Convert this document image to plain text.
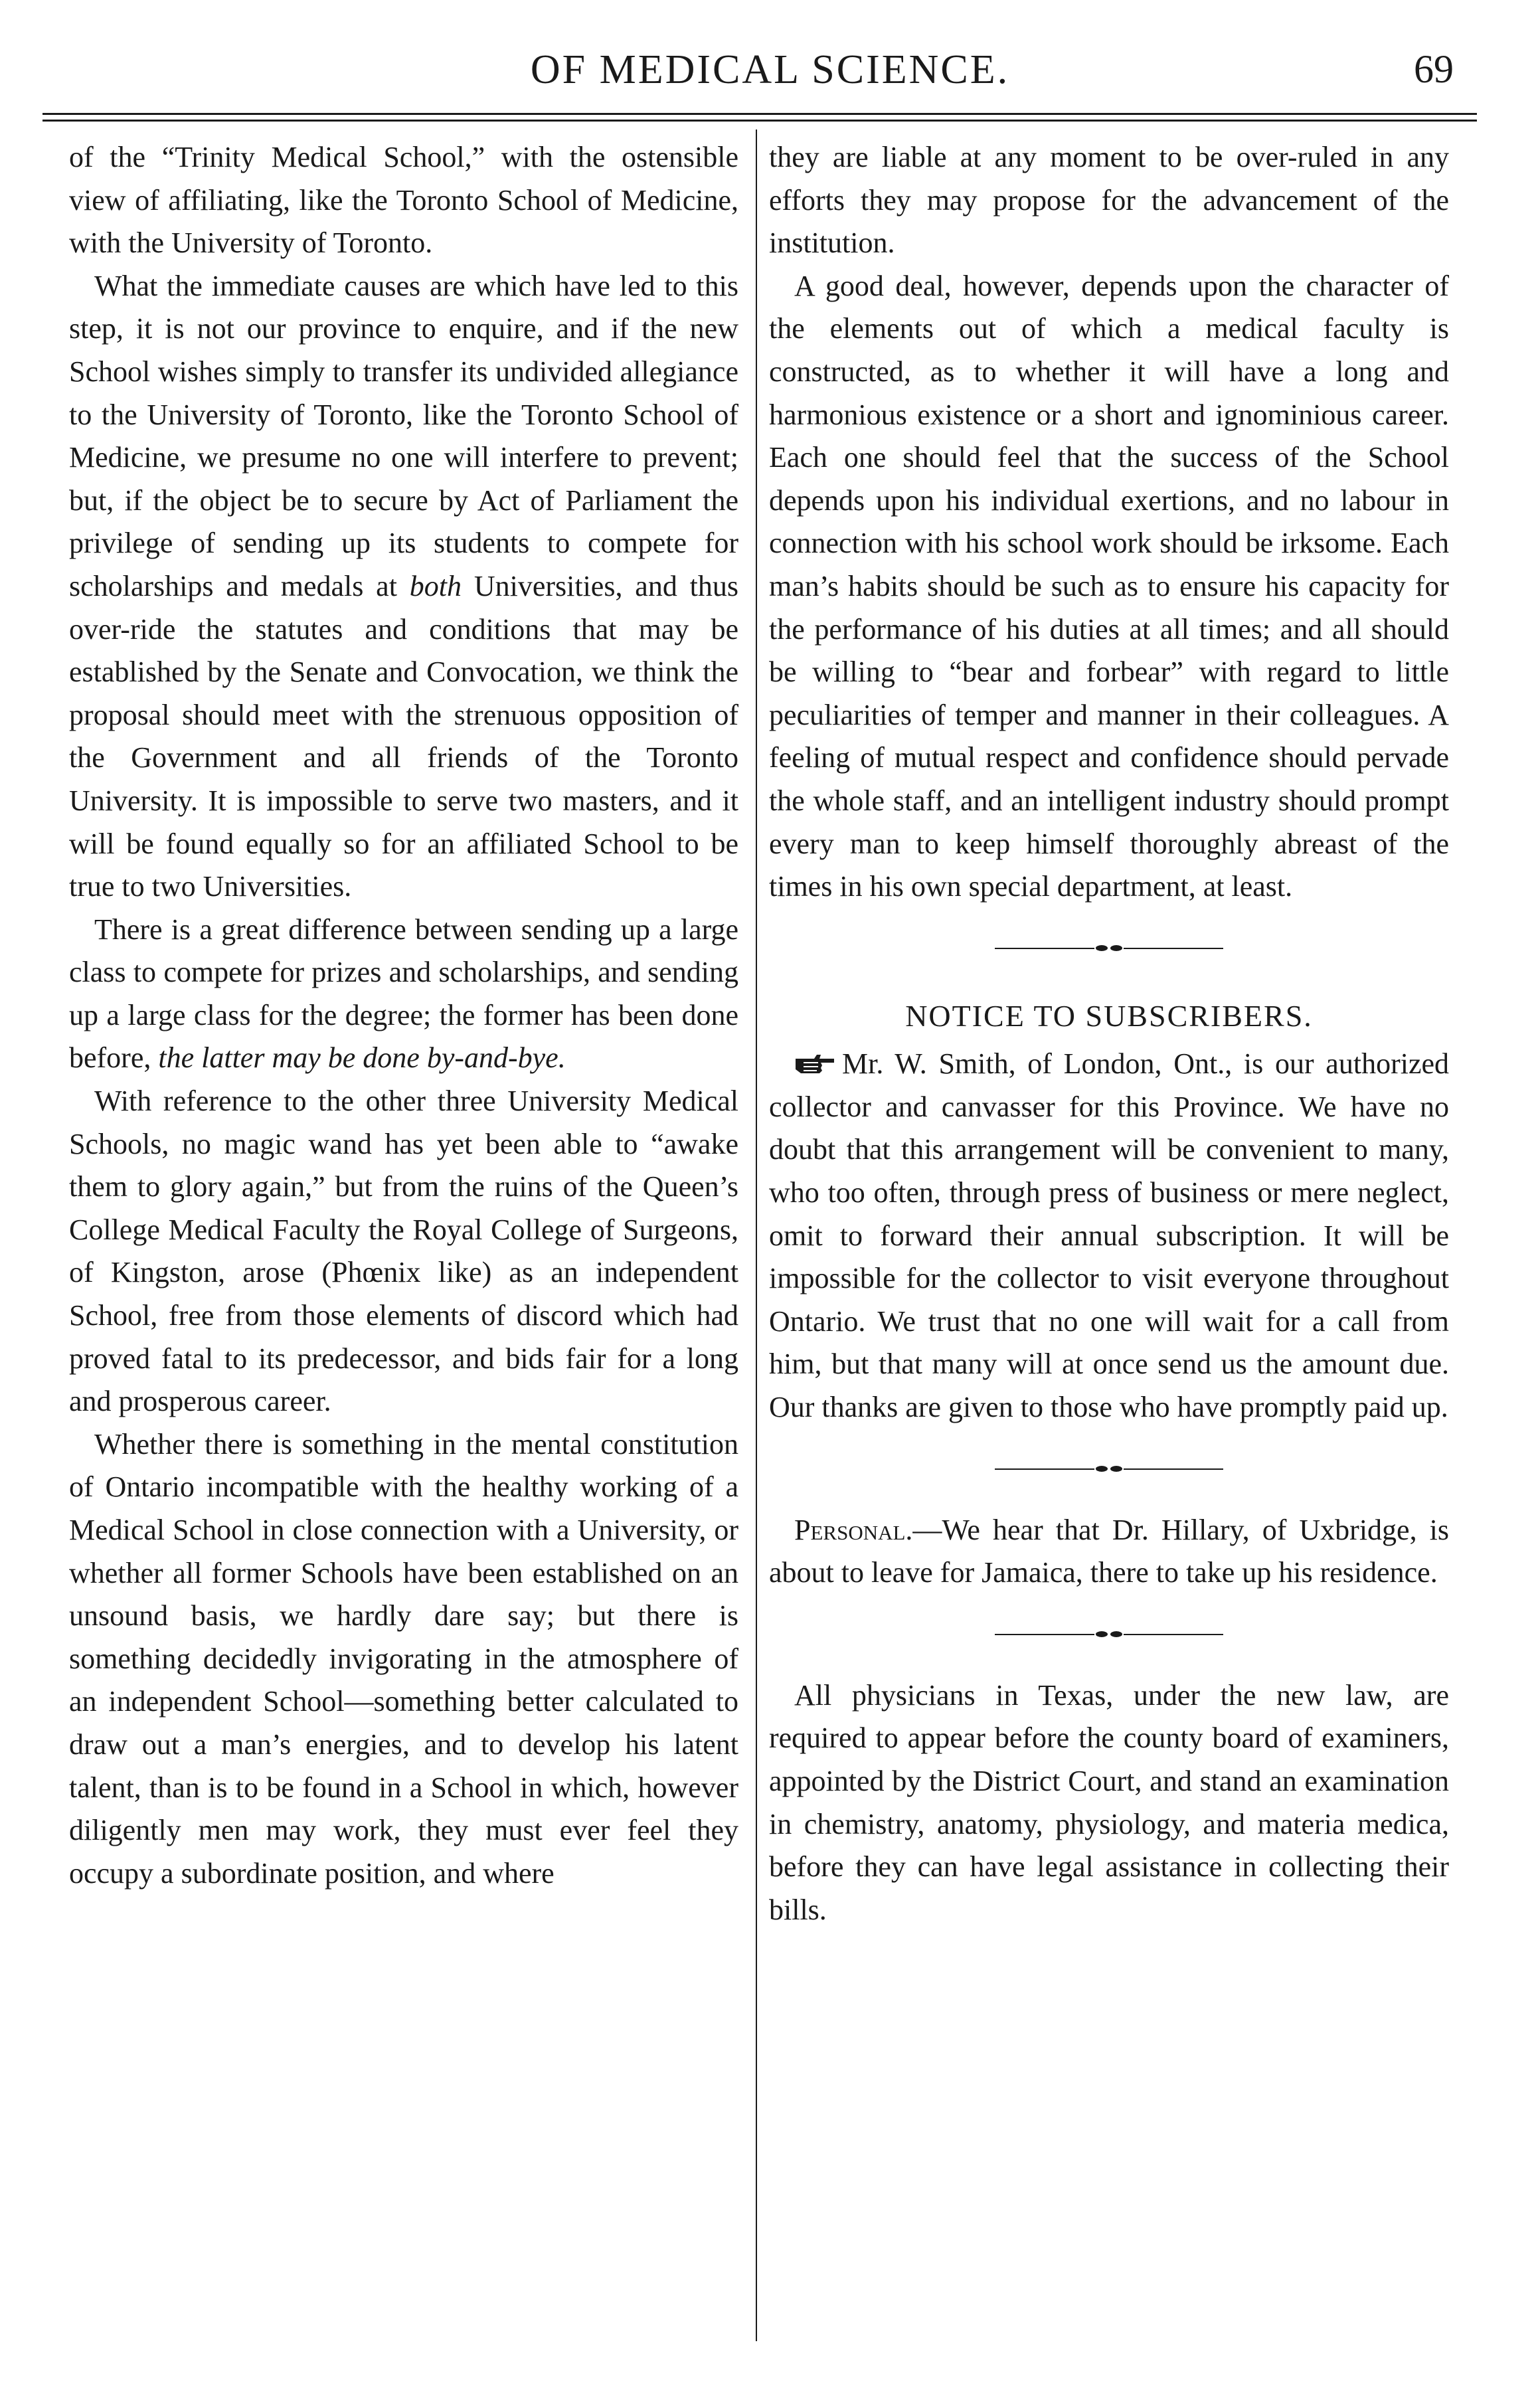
OF MEDICAL SCIENCE.	69

of the “Trinity Medical School,” with the ostensible view of affiliating, like the Toronto School of Medicine, with the University of Toronto.

What the immediate causes are which have led to this step, it is not our province to enquire, and if the new School wishes simply to transfer its undivided allegiance to the University of Toronto, like the Toronto School of Medicine, we presume no one will interfere to prevent; but, if the object be to secure by Act of Parliament the privilege of sending up its students to compete for scholarships and medals at both Universities, and thus over-ride the statutes and conditions that may be established by the Senate and Convocation, we think the proposal should meet with the strenuous opposition of the Government and all friends of the Toronto University. It is impossible to serve two masters, and it will be found equally so for an affiliated School to be true to two Universities.

There is a great difference between sending up a large class to compete for prizes and scholarships, and sending up a large class for the degree; the former has been done before, the latter may be done by-and-bye.

With reference to the other three University Medical Schools, no magic wand has yet been able to “awake them to glory again,” but from the ruins of the Queen’s College Medical Faculty the Royal College of Surgeons, of Kingston, arose (Phœnix like) as an independent School, free from those elements of discord which had proved fatal to its predecessor, and bids fair for a long and prosperous career.

Whether there is something in the mental constitution of Ontario incompatible with the healthy working of a Medical School in close connection with a University, or whether all former Schools have been established on an unsound basis, we hardly dare say; but there is something decidedly invigorating in the atmosphere of an independent School—something better calculated to draw out a man’s energies, and to develop his latent talent, than is to be found in a School in which, however diligently men may work, they must ever feel they occupy a subordinate position, and where

they are liable at any moment to be over-ruled in any efforts they may propose for the advancement of the institution.

A good deal, however, depends upon the character of the elements out of which a medical faculty is constructed, as to whether it will have a long and harmonious existence or a short and ignominious career. Each one should feel that the success of the School depends upon his individual exertions, and no labour in connection with his school work should be irksome. Each man’s habits should be such as to ensure his capacity for the performance of his duties at all times; and all should be willing to “bear and forbear” with regard to little peculiarities of temper and manner in their colleagues. A feeling of mutual respect and confidence should pervade the whole staff, and an intelligent industry should prompt every man to keep himself thoroughly abreast of the times in his own special department, at least.

NOTICE TO SUBSCRIBERS.

Mr. W. Smith, of London, Ont., is our authorized collector and canvasser for this Province. We have no doubt that this arrangement will be convenient to many, who too often, through press of business or mere neglect, omit to forward their annual subscription. It will be impossible for the collector to visit everyone throughout Ontario. We trust that no one will wait for a call from him, but that many will at once send us the amount due. Our thanks are given to those who have promptly paid up.

Personal.—We hear that Dr. Hillary, of Uxbridge, is about to leave for Jamaica, there to take up his residence.

All physicians in Texas, under the new law, are required to appear before the county board of examiners, appointed by the District Court, and stand an examination in chemistry, anatomy, physiology, and materia medica, before they can have legal assistance in collecting their bills.
